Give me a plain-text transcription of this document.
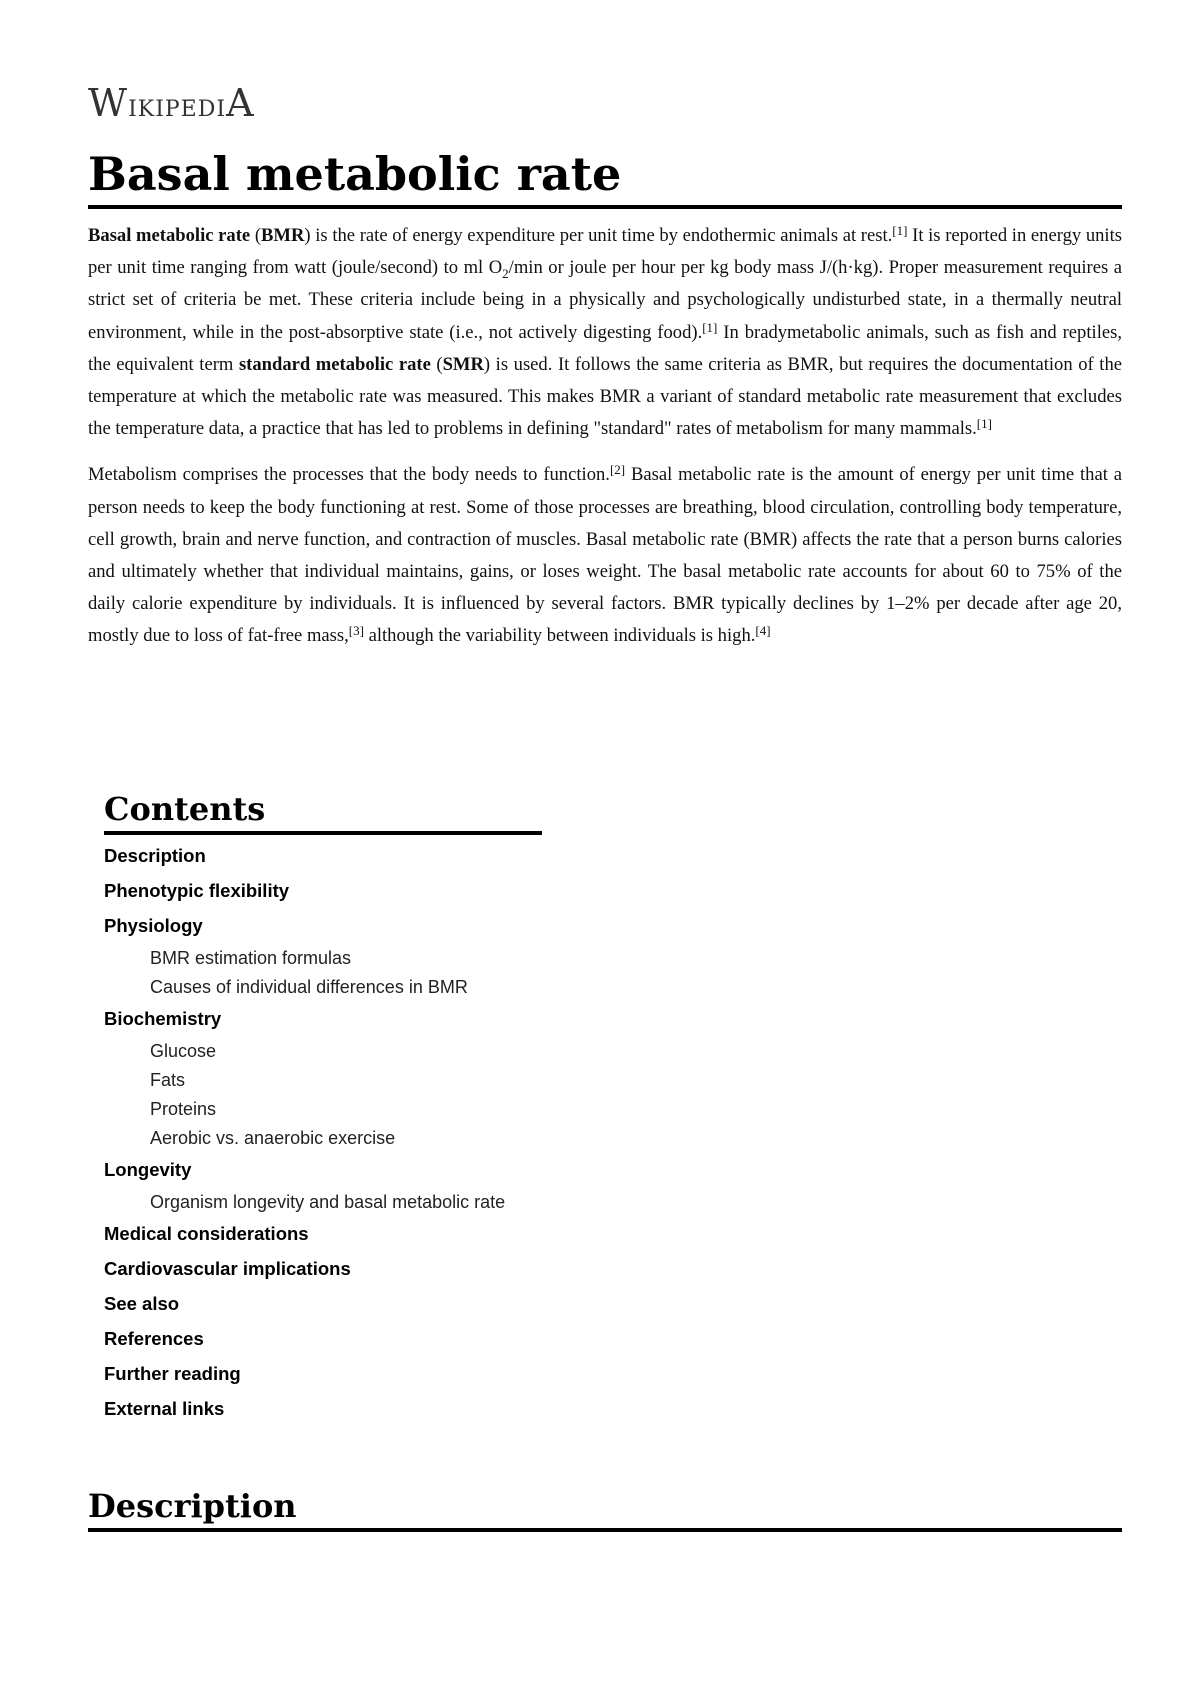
WikipediA
Basal metabolic rate

Basal metabolic rate (BMR) is the rate of energy expenditure per unit time by endothermic animals at rest.[1] It is reported in energy units per unit time ranging from watt (joule/second) to ml $O_2/\min$ or joule per hour per kg body mass J/(h·kg). Proper measurement requires a strict set of criteria be met. These criteria include being in a physically and psychologically undisturbed state, in a thermally neutral environment, while in the post-absorptive state (i.e., not actively digesting food).[1] In bradymetabolic animals, such as fish and reptiles, the equivalent term standard metabolic rate (SMR) is used. It follows the same criteria as BMR, but requires the documentation of the temperature at which the metabolic rate was measured. This makes BMR a variant of standard metabolic rate measurement that excludes the temperature data, a practice that has led to problems in defining "standard" rates of metabolism for many mammals.[1]

Metabolism comprises the processes that the body needs to function.[2] Basal metabolic rate is the amount of energy per unit time that a person needs to keep the body functioning at rest. Some of those processes are breathing, blood circulation, controlling body temperature, cell growth, brain and nerve function, and contraction of muscles. Basal metabolic rate (BMR) affects the rate that a person burns calories and ultimately whether that individual maintains, gains, or loses weight. The basal metabolic rate accounts for about 60 to 75% of the daily calorie expenditure by individuals. It is influenced by several factors. BMR typically declines by 1–2% per decade after age 20, mostly due to loss of fat-free mass,[3] although the variability between individuals is high.[4]

Contents
Description
Phenotypic flexibility
Physiology
BMR estimation formulas
Causes of individual differences in BMR
Biochemistry
Glucose
Fats
Proteins
Aerobic vs. anaerobic exercise
Longevity
Organism longevity and basal metabolic rate
Medical considerations
Cardiovascular implications
See also
References
Further reading
External links
Description
